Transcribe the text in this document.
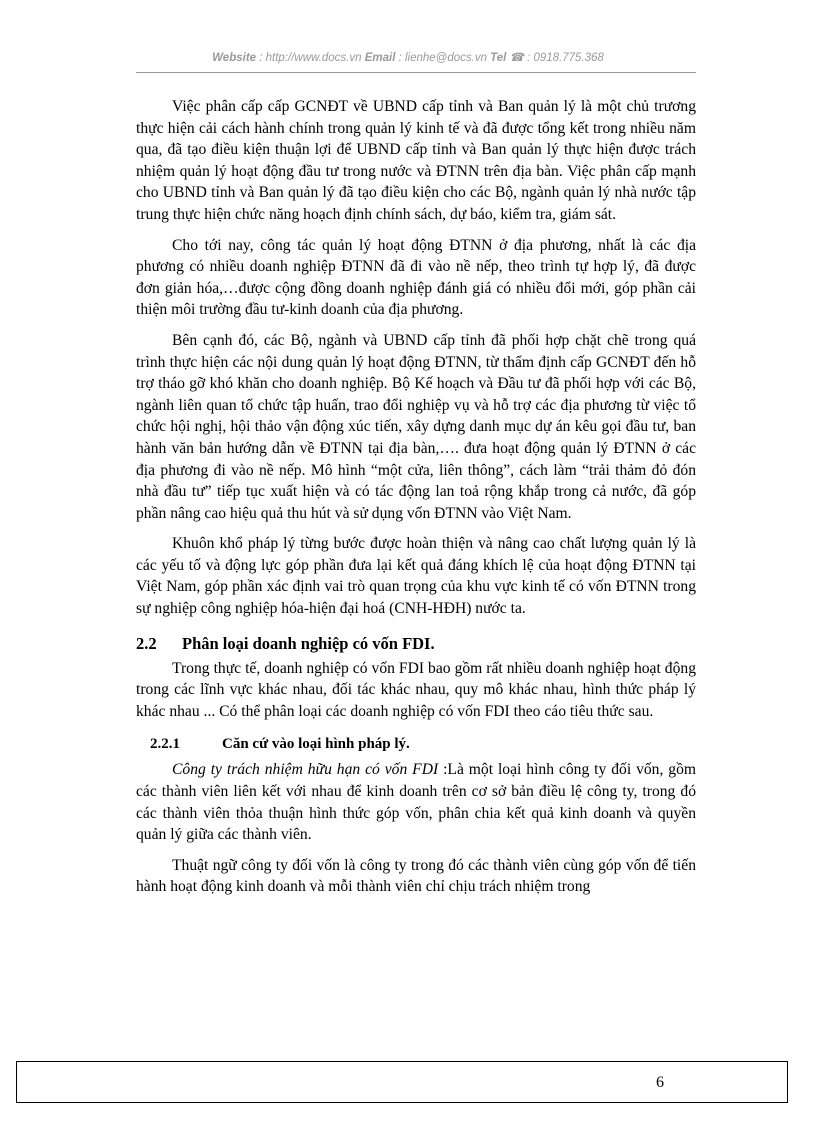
Website : http://www.docs.vn Email : lienhe@docs.vn Tel ☎ : 0918.775.368

Việc phân cấp cấp GCNĐT về UBND cấp tỉnh và Ban quản lý là một chủ trương thực hiện cải cách hành chính trong quản lý kinh tế và đã được tổng kết trong nhiều năm qua, đã tạo điều kiện thuận lợi để UBND cấp tỉnh và Ban quản lý thực hiện được trách nhiệm quản lý hoạt động đầu tư trong nước và ĐTNN trên địa bàn. Việc phân cấp mạnh cho UBND tỉnh và Ban quản lý đã tạo điều kiện cho các Bộ, ngành quản lý nhà nước tập trung thực hiện chức năng hoạch định chính sách, dự báo, kiểm tra, giám sát.

Cho tới nay, công tác quản lý hoạt động ĐTNN ở địa phương, nhất là các địa phương có nhiều doanh nghiệp ĐTNN đã đi vào nề nếp, theo trình tự hợp lý, đã được đơn giản hóa,…được cộng đồng doanh nghiệp đánh giá có nhiều đổi mới, góp phần cải thiện môi trường đầu tư-kinh doanh của địa phương.

Bên cạnh đó, các Bộ, ngành và UBND cấp tỉnh đã phối hợp chặt chẽ trong quá trình thực hiện các nội dung quản lý hoạt động ĐTNN, từ thẩm định cấp GCNĐT đến hỗ trợ tháo gỡ khó khăn cho doanh nghiệp. Bộ Kế hoạch và Đầu tư đã phối hợp với các Bộ, ngành liên quan tổ chức tập huấn, trao đổi nghiệp vụ và hỗ trợ các địa phương từ việc tổ chức hội nghị, hội thảo vận động xúc tiến, xây dựng danh mục dự án kêu gọi đầu tư, ban hành văn bản hướng dẫn về ĐTNN tại địa bàn,…. đưa hoạt động quản lý ĐTNN ở các địa phương đi vào nề nếp. Mô hình “một cửa, liên thông”, cách làm “trải thảm đỏ đón nhà đầu tư” tiếp tục xuất hiện và có tác động lan toả rộng khắp trong cả nước, đã góp phần nâng cao hiệu quả thu hút và sử dụng vốn ĐTNN vào Việt Nam.

Khuôn khổ pháp lý từng bước được hoàn thiện và nâng cao chất lượng quản lý là các yếu tố và động lực góp phần đưa lại kết quả đáng khích lệ của hoạt động ĐTNN tại Việt Nam, góp phần xác định vai trò quan trọng của khu vực kinh tế có vốn ĐTNN trong sự nghiệp công nghiệp hóa-hiện đại hoá (CNH-HĐH) nước ta.

2.2	Phân loại doanh nghiệp có vốn FDI.

Trong thực tế, doanh nghiệp có vốn FDI bao gồm rất nhiều doanh nghiệp hoạt động trong các lĩnh vực khác nhau, đối tác khác nhau, quy mô khác nhau, hình thức pháp lý khác nhau ... Có thể phân loại các doanh nghiệp có vốn FDI theo cáo tiêu thức sau.

2.2.1	Căn cứ vào loại hình pháp lý.

Công ty trách nhiệm hữu hạn có vốn FDI :Là một loại hình công ty đối vốn, gồm các thành viên liên kết với nhau để kinh doanh trên cơ sở bản điều lệ công ty, trong đó các thành viên thỏa thuận hình thức góp vốn, phân chia kết quả kinh doanh và quyền quản lý giữa các thành viên.

Thuật ngữ công ty đối vốn là công ty trong đó các thành viên cùng góp vốn để tiến hành hoạt động kinh doanh và mỗi thành viên chỉ chịu trách nhiệm trong

6
